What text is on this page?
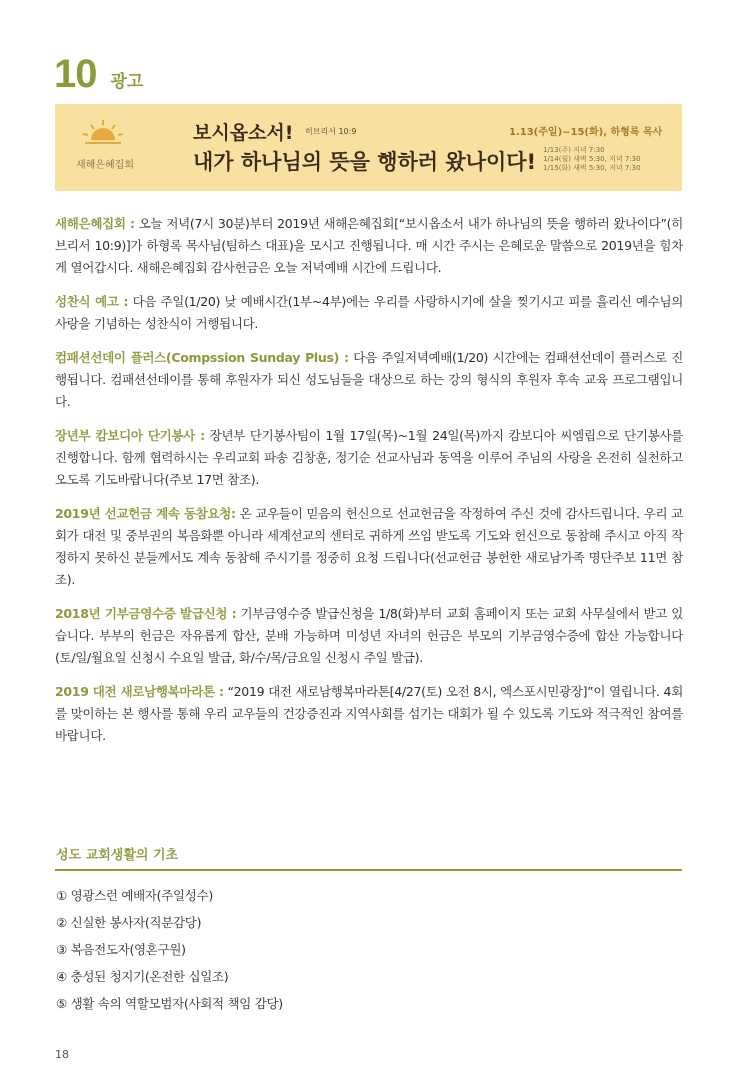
10 광고
새해은혜집회
보시옵소서! 히브리서 10:9
내가 하나님의 뜻을 행하러 왔나이다!
1.13(주일)~15(화), 하형록 목사
1/13(주) 저녁 7:30
1/14(월) 새벽 5:30, 저녁 7:30
1/15(화) 새벽 5:30, 저녁 7:30

새해은혜집회 : 오늘 저녁(7시 30분)부터 2019년 새해은혜집회[“보시옵소서 내가 하나님의 뜻을 행하러 왔나이다”(히브리서 10:9)]가 하형록 목사님(팀하스 대표)을 모시고 진행됩니다. 매 시간 주시는 은혜로운 말씀으로 2019년을 힘차게 열어갑시다. 새해은혜집회 감사헌금은 오늘 저녁예배 시간에 드립니다.

성찬식 예고 : 다음 주일(1/20) 낮 예배시간(1부~4부)에는 우리를 사랑하시기에 살을 찢기시고 피를 흘리신 예수님의 사랑을 기념하는 성찬식이 거행됩니다.

컴패션선데이 플러스(Compssion Sunday Plus) : 다음 주일저녁예배(1/20) 시간에는 컴패션선데이 플러스로 진행됩니다. 컴패션선데이를 통해 후원자가 되신 성도님들을 대상으로 하는 강의 형식의 후원자 후속 교육 프로그램입니다.

장년부 캄보디아 단기봉사 : 장년부 단기봉사팀이 1월 17일(목)~1월 24일(목)까지 캄보디아 씨엠립으로 단기봉사를 진행합니다. 함께 협력하시는 우리교회 파송 김창훈, 정기순 선교사님과 동역을 이루어 주님의 사랑을 온전히 실천하고 오도록 기도바랍니다(주보 17면 참조).

2019년 선교헌금 계속 동참요청: 온 교우들이 믿음의 헌신으로 선교헌금을 작정하여 주신 것에 감사드립니다. 우리 교회가 대전 및 중부권의 복음화뿐 아니라 세계선교의 센터로 귀하게 쓰임 받도록 기도와 헌신으로 동참해 주시고 아직 작정하지 못하신 분들께서도 계속 동참해 주시기를 정중히 요청 드립니다(선교헌금 봉헌한 새로남가족 명단주보 11면 참조).

2018년 기부금영수증 발급신청 : 기부금영수증 발급신청을 1/8(화)부터 교회 홈페이지 또는 교회 사무실에서 받고 있습니다. 부부의 헌금은 자유롭게 합산, 분배 가능하며 미성년 자녀의 헌금은 부모의 기부금영수증에 합산 가능합니다(토/일/월요일 신청시 수요일 발급, 화/수/목/금요일 신청시 주일 발급).

2019 대전 새로남행복마라톤 : “2019 대전 새로남행복마라톤[4/27(토) 오전 8시, 엑스포시민광장]”이 열립니다. 4회를 맞이하는 본 행사를 통해 우리 교우들의 건강증진과 지역사회를 섬기는 대회가 될 수 있도록 기도와 적극적인 참여를 바랍니다.

성도 교회생활의 기초
① 영광스런 예배자(주일성수)
② 신실한 봉사자(직분감당)
③ 복음전도자(영혼구원)
④ 충성된 청지기(온전한 십일조)
⑤ 생활 속의 역할모범자(사회적 책임 감당)
18
